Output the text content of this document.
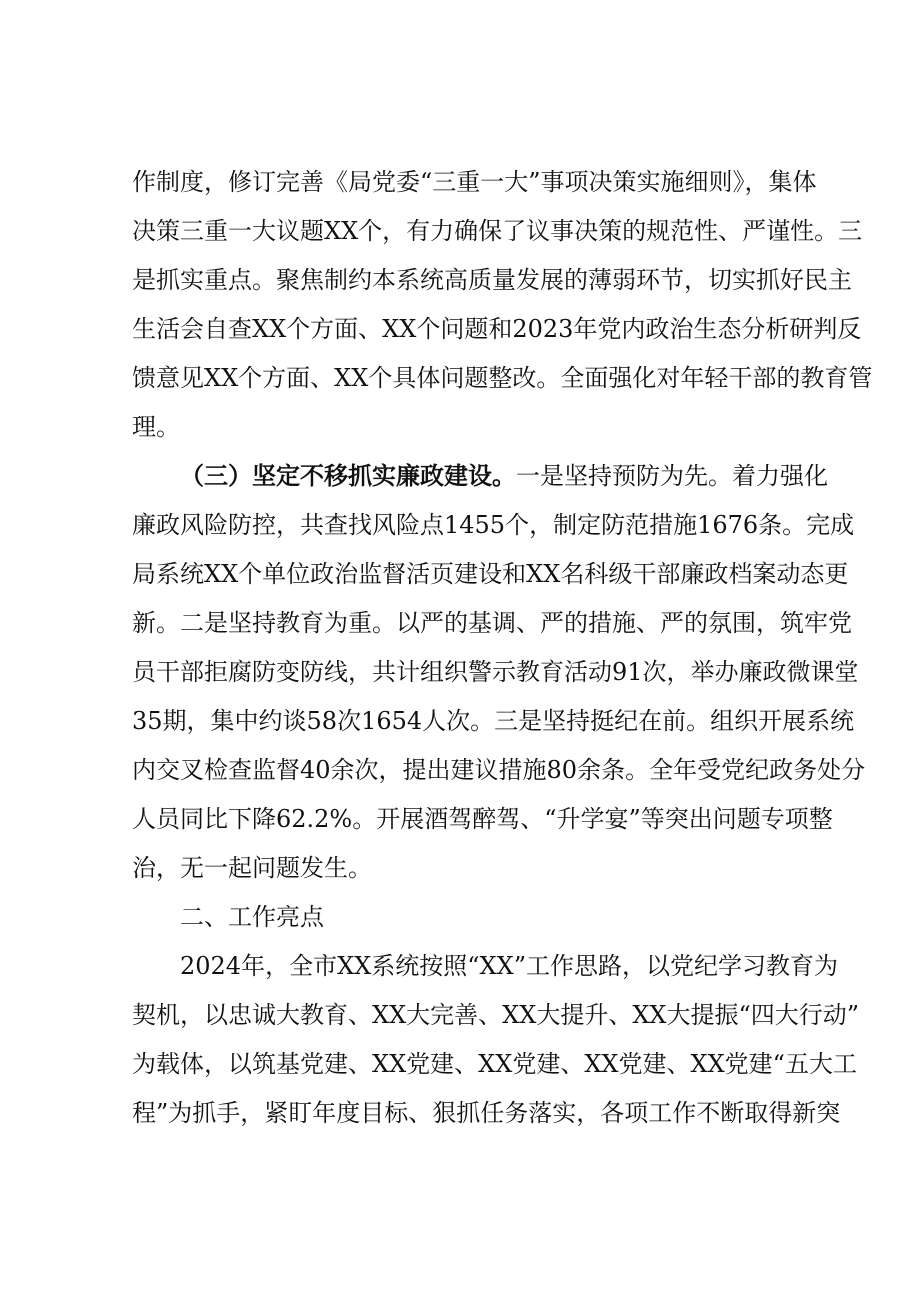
作制度，修订完善《局党委“三重一大”事项决策实施细则》，集体
决策三重一大议题XX个，有力确保了议事决策的规范性、严谨性。三
是抓实重点。聚焦制约本系统高质量发展的薄弱环节，切实抓好民主
生活会自查XX个方面、XX个问题和2023年党内政治生态分析研判反
馈意见XX个方面、XX个具体问题整改。全面强化对年轻干部的教育管
理。
（三）坚定不移抓实廉政建设。一是坚持预防为先。着力强化
廉政风险防控，共查找风险点1455个，制定防范措施1676条。完成
局系统XX个单位政治监督活页建设和XX名科级干部廉政档案动态更
新。二是坚持教育为重。以严的基调、严的措施、严的氛围，筑牢党
员干部拒腐防变防线，共计组织警示教育活动91次，举办廉政微课堂
35期，集中约谈58次1654人次。三是坚持挺纪在前。组织开展系统
内交叉检查监督40余次，提出建议措施80余条。全年受党纪政务处分
人员同比下降62.2%。开展酒驾醉驾、“升学宴”等突出问题专项整
治，无一起问题发生。
二、工作亮点
2024年，全市XX系统按照“XX”工作思路，以党纪学习教育为
契机，以忠诚大教育、XX大完善、XX大提升、XX大提振“四大行动”
为载体，以筑基党建、XX党建、XX党建、XX党建、XX党建“五大工
程”为抓手，紧盯年度目标、狠抓任务落实，各项工作不断取得新突
